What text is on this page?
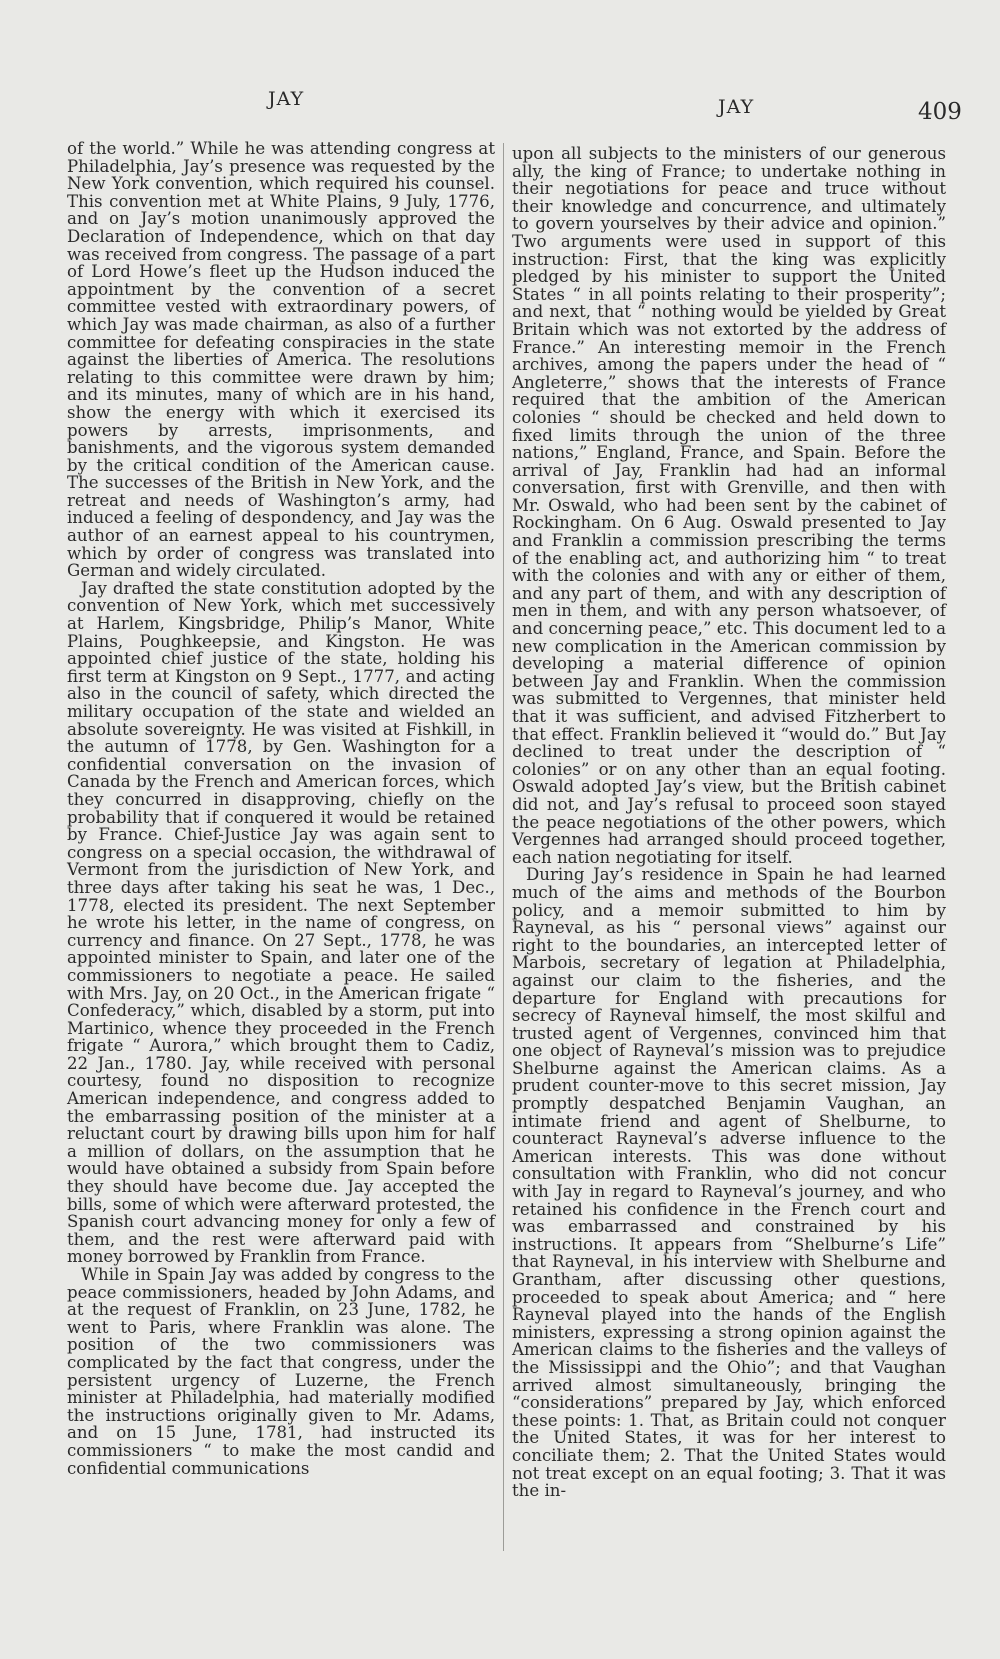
JAY	JAY	409

of the world.” While he was attending congress at Philadelphia, Jay’s presence was requested by the New York convention, which required his counsel. This convention met at White Plains, 9 July, 1776, and on Jay’s motion unanimously approved the Declaration of Independence, which on that day was received from congress. The passage of a part of Lord Howe’s fleet up the Hudson induced the appointment by the convention of a secret committee vested with extraordinary powers, of which Jay was made chairman, as also of a further committee for defeating conspiracies in the state against the liberties of America. The resolutions relating to this committee were drawn by him; and its minutes, many of which are in his hand, show the energy with which it exercised its powers by arrests, imprisonments, and banishments, and the vigorous system demanded by the critical condition of the American cause. The successes of the British in New York, and the retreat and needs of Washington’s army, had induced a feeling of despondency, and Jay was the author of an earnest appeal to his countrymen, which by order of congress was translated into German and widely circulated.

Jay drafted the state constitution adopted by the convention of New York, which met successively at Harlem, Kingsbridge, Philip’s Manor, White Plains, Poughkeepsie, and Kingston. He was appointed chief justice of the state, holding his first term at Kingston on 9 Sept., 1777, and acting also in the council of safety, which directed the military occupation of the state and wielded an absolute sovereignty. He was visited at Fishkill, in the autumn of 1778, by Gen. Washington for a confidential conversation on the invasion of Canada by the French and American forces, which they concurred in disapproving, chiefly on the probability that if conquered it would be retained by France. Chief-Justice Jay was again sent to congress on a special occasion, the withdrawal of Vermont from the jurisdiction of New York, and three days after taking his seat he was, 1 Dec., 1778, elected its president. The next September he wrote his letter, in the name of congress, on currency and finance. On 27 Sept., 1778, he was appointed minister to Spain, and later one of the commissioners to negotiate a peace. He sailed with Mrs. Jay, on 20 Oct., in the American frigate “ Confederacy,” which, disabled by a storm, put into Martinico, whence they proceeded in the French frigate “ Aurora,” which brought them to Cadiz, 22 Jan., 1780. Jay, while received with personal courtesy, found no disposition to recognize American independence, and congress added to the embarrassing position of the minister at a reluctant court by drawing bills upon him for half a million of dollars, on the assumption that he would have obtained a subsidy from Spain before they should have become due. Jay accepted the bills, some of which were afterward protested, the Spanish court advancing money for only a few of them, and the rest were afterward paid with money borrowed by Franklin from France.

While in Spain Jay was added by congress to the peace commissioners, headed by John Adams, and at the request of Franklin, on 23 June, 1782, he went to Paris, where Franklin was alone. The position of the two commissioners was complicated by the fact that congress, under the persistent urgency of Luzerne, the French minister at Philadelphia, had materially modified the instructions originally given to Mr. Adams, and on 15 June, 1781, had instructed its commissioners “ to make the most candid and confidential communications

upon all subjects to the ministers of our generous ally, the king of France; to undertake nothing in their negotiations for peace and truce without their knowledge and concurrence, and ultimately to govern yourselves by their advice and opinion.” Two arguments were used in support of this instruction: First, that the king was explicitly pledged by his minister to support the United States “ in all points relating to their prosperity”; and next, that “ nothing would be yielded by Great Britain which was not extorted by the address of France.” An interesting memoir in the French archives, among the papers under the head of “ Angleterre,” shows that the interests of France required that the ambition of the American colonies “ should be checked and held down to fixed limits through the union of the three nations,” England, France, and Spain. Before the arrival of Jay, Franklin had had an informal conversation, first with Grenville, and then with Mr. Oswald, who had been sent by the cabinet of Rockingham. On 6 Aug. Oswald presented to Jay and Franklin a commission prescribing the terms of the enabling act, and authorizing him “ to treat with the colonies and with any or either of them, and any part of them, and with any description of men in them, and with any person whatsoever, of and concerning peace,” etc. This document led to a new complication in the American commission by developing a material difference of opinion between Jay and Franklin. When the commission was submitted to Vergennes, that minister held that it was sufficient, and advised Fitzherbert to that effect. Franklin believed it “would do.” But Jay declined to treat under the description of “ colonies” or on any other than an equal footing. Oswald adopted Jay’s view, but the British cabinet did not, and Jay’s refusal to proceed soon stayed the peace negotiations of the other powers, which Vergennes had arranged should proceed together, each nation negotiating for itself.

During Jay’s residence in Spain he had learned much of the aims and methods of the Bourbon policy, and a memoir submitted to him by Rayneval, as his “ personal views” against our right to the boundaries, an intercepted letter of Marbois, secretary of legation at Philadelphia, against our claim to the fisheries, and the departure for England with precautions for secrecy of Rayneval himself, the most skilful and trusted agent of Vergennes, convinced him that one object of Rayneval’s mission was to prejudice Shelburne against the American claims. As a prudent counter-move to this secret mission, Jay promptly despatched Benjamin Vaughan, an intimate friend and agent of Shelburne, to counteract Rayneval’s adverse influence to the American interests. This was done without consultation with Franklin, who did not concur with Jay in regard to Rayneval’s journey, and who retained his confidence in the French court and was embarrassed and constrained by his instructions. It appears from “Shelburne’s Life” that Rayneval, in his interview with Shelburne and Grantham, after discussing other questions, proceeded to speak about America; and “ here Rayneval played into the hands of the English ministers, expressing a strong opinion against the American claims to the fisheries and the valleys of the Mississippi and the Ohio”; and that Vaughan arrived almost simultaneously, bringing the “considerations” prepared by Jay, which enforced these points: 1. That, as Britain could not conquer the United States, it was for her interest to conciliate them; 2. That the United States would not treat except on an equal footing; 3. That it was the in-
